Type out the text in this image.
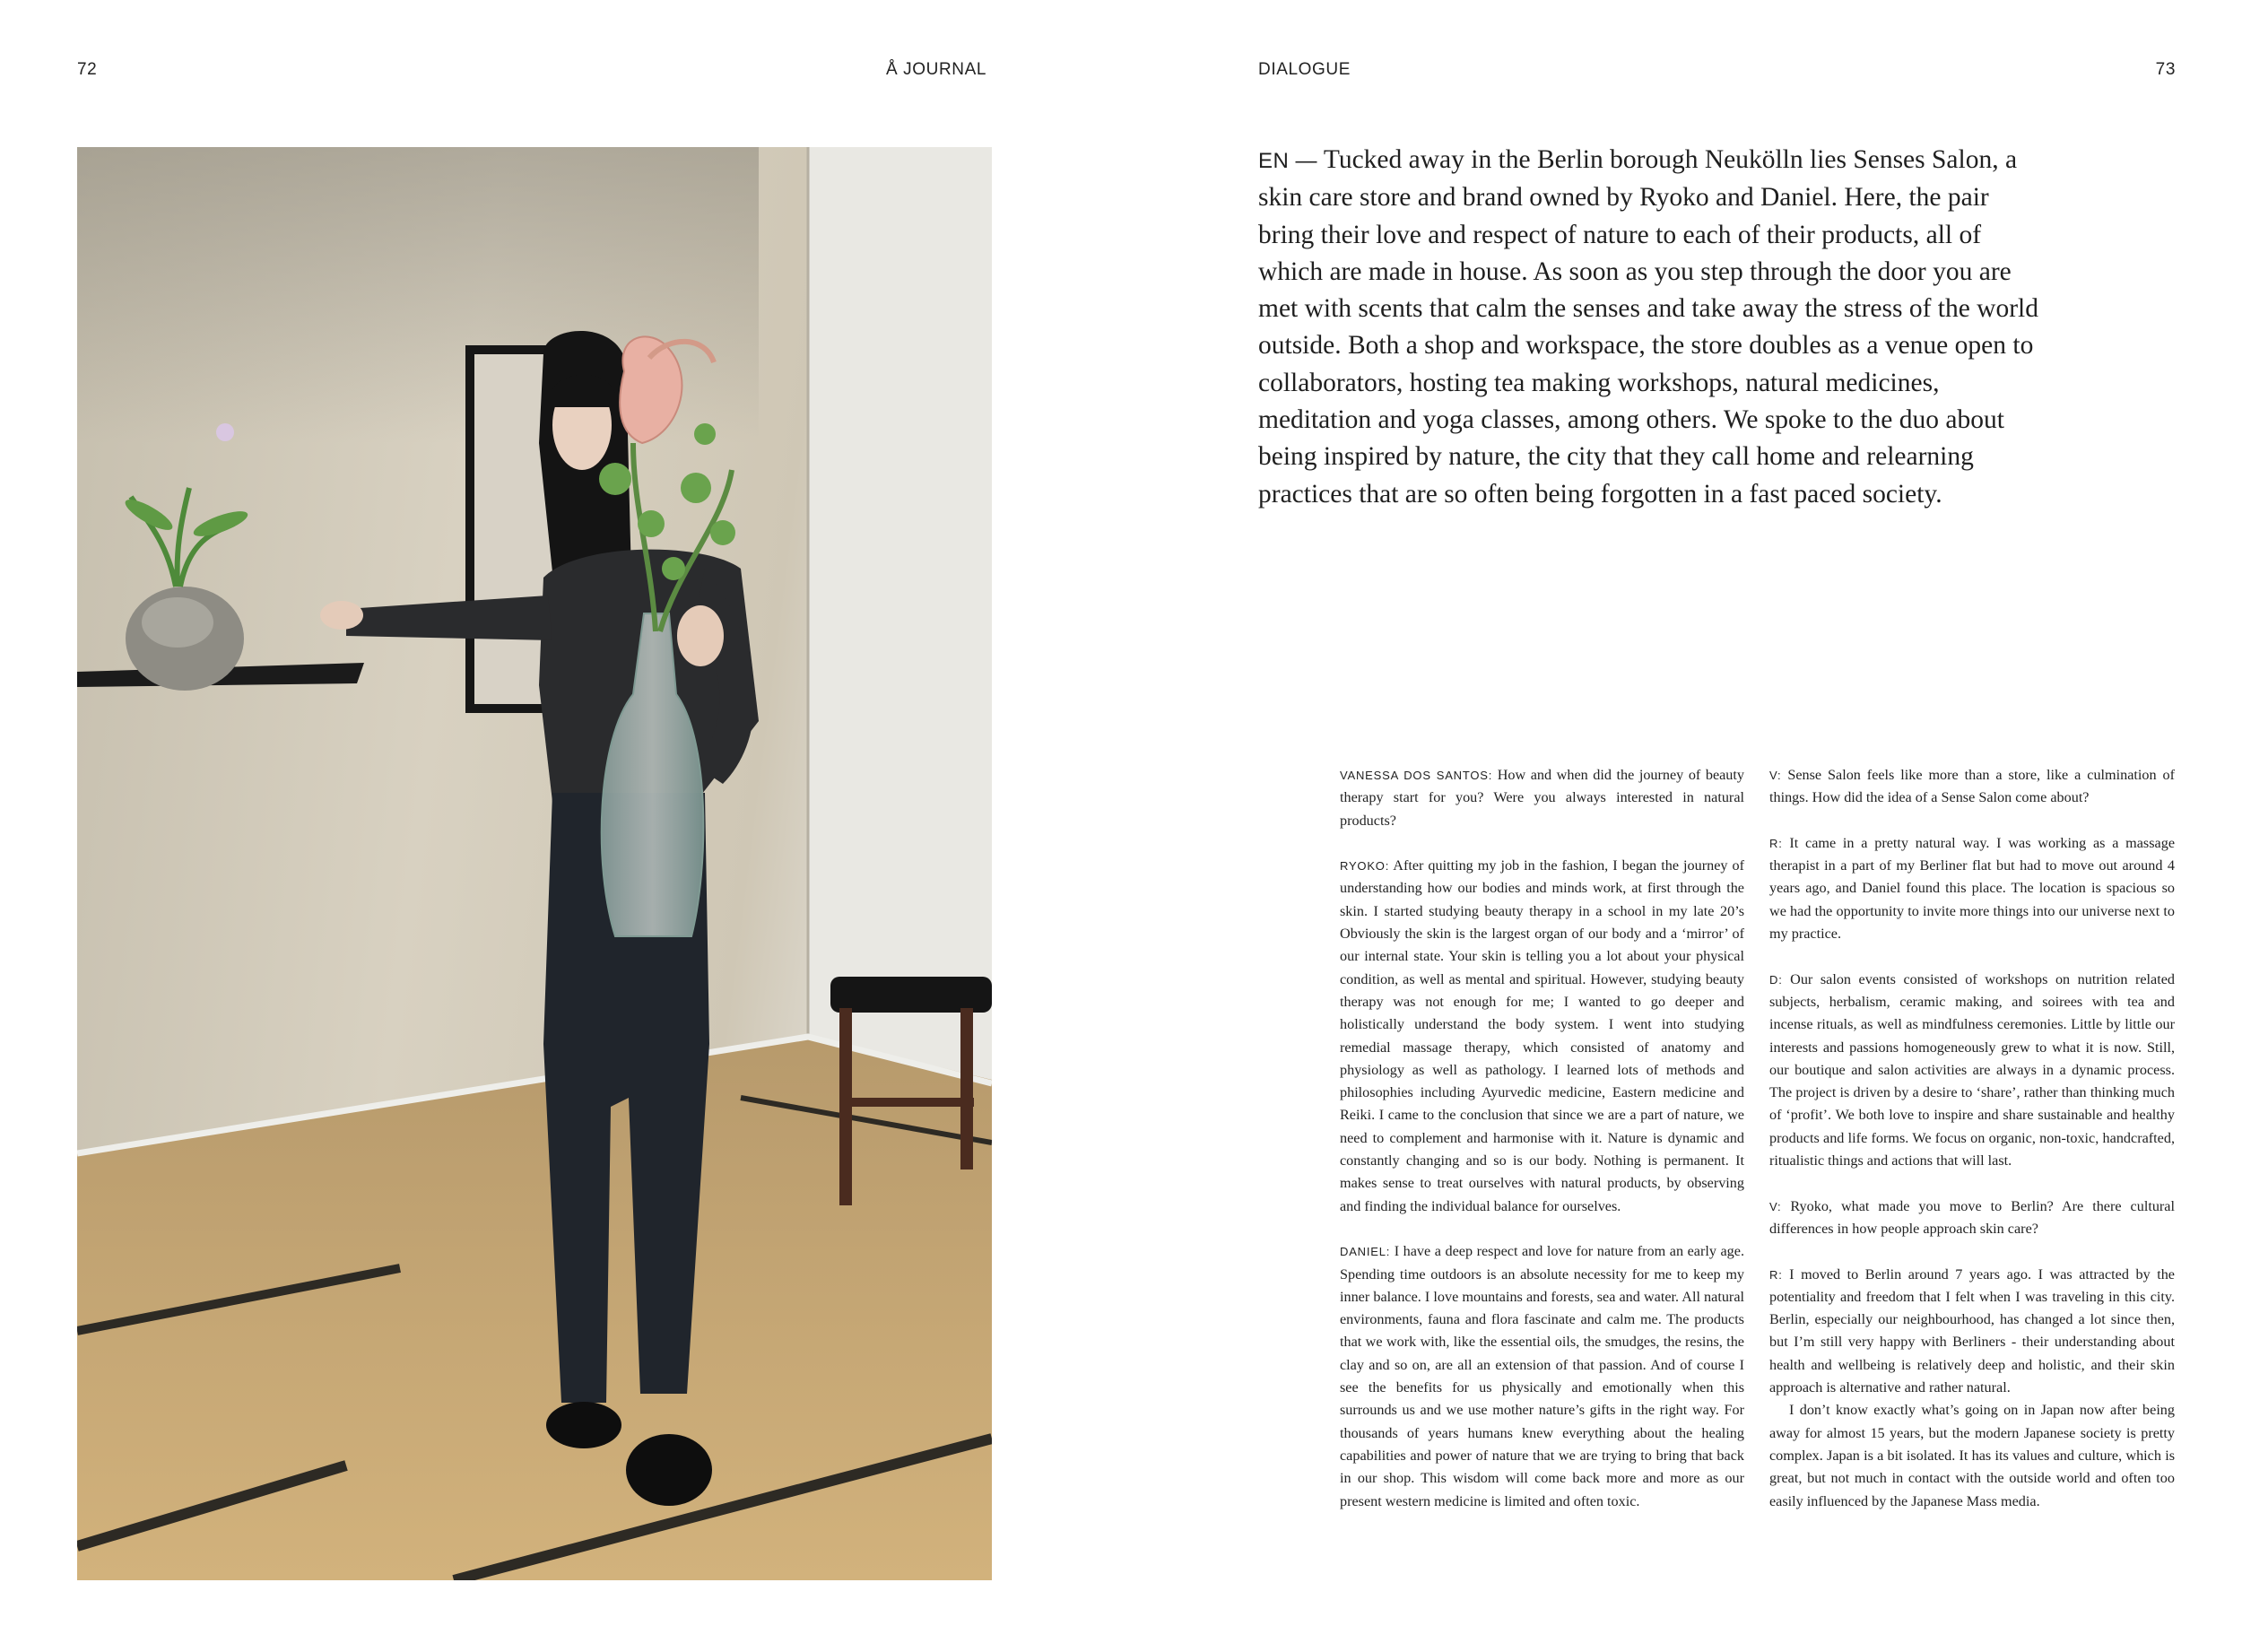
72	Å JOURNAL	DIALOGUE	73
EN — Tucked away in the Berlin borough Neukölln lies Senses Salon, a skin care store and brand owned by Ryoko and Daniel. Here, the pair bring their love and respect of nature to each of their products, all of which are made in house. As soon as you step through the door you are met with scents that calm the senses and take away the stress of the world outside. Both a shop and workspace, the store doubles as a venue open to collaborators, hosting tea making workshops, natural medicines, meditation and yoga classes, among others. We spoke to the duo about being inspired by nature, the city that they call home and relearning practices that are so often being forgotten in a fast paced society.

VANESSA DOS SANTOS: How and when did the journey of beauty therapy start for you? Were you always interested in natural products?

RYOKO: After quitting my job in the fashion, I began the journey of understanding how our bodies and minds work, at first through the skin. I started studying beauty therapy in a school in my late 20’s Obviously the skin is the largest organ of our body and a ‘mirror’ of our internal state. Your skin is telling you a lot about your physical condition, as well as mental and spiritual. However, studying beauty therapy was not enough for me; I wanted to go deeper and holistically understand the body system. I went into studying remedial massage therapy, which consisted of anatomy and physiology as well as pathology. I learned lots of methods and philosophies including Ayurvedic medicine, Eastern medicine and Reiki. I came to the conclusion that since we are a part of nature, we need to complement and harmonise with it. Nature is dynamic and constantly changing and so is our body. Nothing is permanent. It makes sense to treat ourselves with natural products, by observing and finding the individual balance for ourselves.

DANIEL: I have a deep respect and love for nature from an early age. Spending time outdoors is an absolute necessity for me to keep my inner balance. I love mountains and forests, sea and water. All natural environments, fauna and flora fascinate and calm me. The products that we work with, like the essential oils, the smudges, the resins, the clay and so on, are all an extension of that passion. And of course I see the benefits for us physically and emotionally when this surrounds us and we use mother nature’s gifts in the right way. For thousands of years humans knew everything about the healing capabilities and power of nature that we are trying to bring that back in our shop. This wisdom will come back more and more as our present western medicine is limited and often toxic.

V: Sense Salon feels like more than a store, like a culmination of things. How did the idea of a Sense Salon come about?

R: It came in a pretty natural way. I was working as a massage therapist in a part of my Berliner flat but had to move out around 4 years ago, and Daniel found this place. The location is spacious so we had the opportunity to invite more things into our universe next to my practice.

D: Our salon events consisted of workshops on nutrition related subjects, herbalism, ceramic making, and soirees with tea and incense rituals, as well as mindfulness ceremonies. Little by little our interests and passions homogeneously grew to what it is now. Still, our boutique and salon activities are always in a dynamic process. The project is driven by a desire to ‘share’, rather than thinking much of ‘profit’. We both love to inspire and share sustainable and healthy products and life forms. We focus on organic, non-toxic, handcrafted, ritualistic things and actions that will last.

V: Ryoko, what made you move to Berlin? Are there cultural differences in how people approach skin care?

R: I moved to Berlin around 7 years ago. I was attracted by the potentiality and freedom that I felt when I was traveling in this city. Berlin, especially our neighbourhood, has changed a lot since then, but I’m still very happy with Berliners - their understanding about health and wellbeing is relatively deep and holistic, and their skin approach is alternative and rather natural.

I don’t know exactly what’s going on in Japan now after being away for almost 15 years, but the modern Japanese society is pretty complex. Japan is a bit isolated. It has its values and culture, which is great, but not much in contact with the outside world and often too easily influenced by the Japanese Mass media.
